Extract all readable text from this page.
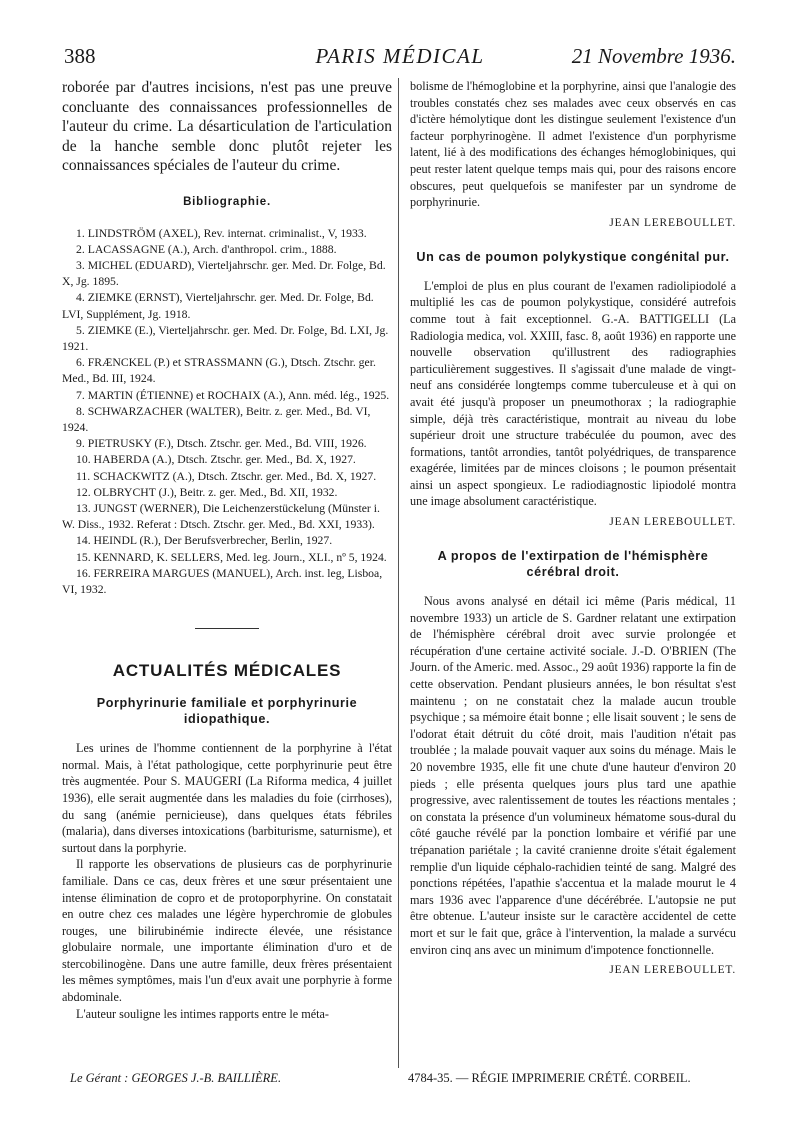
388	PARIS MÉDICAL	21 Novembre 1936.

roborée par d'autres incisions, n'est pas une preuve concluante des connaissances professionnelles de l'auteur du crime. La désarticulation de l'articulation de la hanche semble donc plutôt rejeter les connaissances spéciales de l'auteur du crime.

Bibliographie.

1. LINDSTRÖM (AXEL), Rev. internat. criminalist., V, 1933.

2. LACASSAGNE (A.), Arch. d'anthropol. crim., 1888.

3. MICHEL (EDUARD), Vierteljahrschr. ger. Med. Dr. Folge, Bd. X, Jg. 1895.

4. ZIEMKE (ERNST), Vierteljahrschr. ger. Med. Dr. Folge, Bd. LVI, Supplément, Jg. 1918.

5. ZIEMKE (E.), Vierteljahrschr. ger. Med. Dr. Folge, Bd. LXI, Jg. 1921.

6. FRÆNCKEL (P.) et STRASSMANN (G.), Dtsch. Ztschr. ger. Med., Bd. III, 1924.

7. MARTIN (ÉTIENNE) et ROCHAIX (A.), Ann. méd. lég., 1925.

8. SCHWARZACHER (WALTER), Beitr. z. ger. Med., Bd. VI, 1924.

9. PIETRUSKY (F.), Dtsch. Ztschr. ger. Med., Bd. VIII, 1926.

10. HABERDA (A.), Dtsch. Ztschr. ger. Med., Bd. X, 1927.

11. SCHACKWITZ (A.), Dtsch. Ztschr. ger. Med., Bd. X, 1927.

12. OLBRYCHT (J.), Beitr. z. ger. Med., Bd. XII, 1932.

13. JUNGST (WERNER), Die Leichenzerstückelung (Münster i. W. Diss., 1932. Referat : Dtsch. Ztschr. ger. Med., Bd. XXI, 1933).

14. HEINDL (R.), Der Berufsverbrecher, Berlin, 1927.

15. KENNARD, K. SELLERS, Med. leg. Journ., XLI., nº 5, 1924.

16. FERREIRA MARGUES (MANUEL), Arch. inst. leg, Lisboa, VI, 1932.

ACTUALITÉS MÉDICALES
Porphyrinurie familiale et porphyrinurie idiopathique.

Les urines de l'homme contiennent de la porphyrine à l'état normal. Mais, à l'état pathologique, cette porphyrinurie peut être très augmentée. Pour S. MAUGERI (La Riforma medica, 4 juillet 1936), elle serait augmentée dans les maladies du foie (cirrhoses), du sang (anémie pernicieuse), dans quelques états fébriles (malaria), dans diverses intoxications (barbiturisme, saturnisme), et surtout dans la porphyrie.

Il rapporte les observations de plusieurs cas de porphyrinurie familiale. Dans ce cas, deux frères et une sœur présentaient une intense élimination de copro et de protoporphyrine. On constatait en outre chez ces malades une légère hyperchromie de globules rouges, une bilirubinémie indirecte élevée, une résistance globulaire normale, une importante élimination d'uro et de stercobilinogène. Dans une autre famille, deux frères présentaient les mêmes symptômes, mais l'un d'eux avait une porphyrie à forme abdominale.

L'auteur souligne les intimes rapports entre le méta-

bolisme de l'hémoglobine et la porphyrine, ainsi que l'analogie des troubles constatés chez ses malades avec ceux observés en cas d'ictère hémolytique dont les distingue seulement l'existence d'un facteur porphyrinogène. Il admet l'existence d'un porphyrisme latent, lié à des modifications des échanges hémoglobiniques, qui peut rester latent quelque temps mais qui, pour des raisons encore obscures, peut quelquefois se manifester par un syndrome de porphyrinurie.

JEAN LEREBOULLET.
Un cas de poumon polykystique congénital pur.

L'emploi de plus en plus courant de l'examen radiolipiodolé a multiplié les cas de poumon polykystique, considéré autrefois comme tout à fait exceptionnel. G.-A. BATTIGELLI (La Radiologia medica, vol. XXIII, fasc. 8, août 1936) en rapporte une nouvelle observation qu'illustrent des radiographies particulièrement suggestives. Il s'agissait d'une malade de vingt-neuf ans considérée longtemps comme tuberculeuse et à qui on avait été jusqu'à proposer un pneumothorax ; la radiographie simple, déjà très caractéristique, montrait au niveau du lobe supérieur droit une structure trabéculée du poumon, avec des formations, tantôt arrondies, tantôt polyédriques, de transparence exagérée, limitées par de minces cloisons ; le poumon présentait ainsi un aspect spongieux. Le radiodiagnostic lipiodolé montra une image absolument caractéristique.

JEAN LEREBOULLET.
A propos de l'extirpation de l'hémisphère cérébral droit.

Nous avons analysé en détail ici même (Paris médical, 11 novembre 1933) un article de S. Gardner relatant une extirpation de l'hémisphère cérébral droit avec survie prolongée et récupération d'une certaine activité sociale. J.-D. O'BRIEN (The Journ. of the Americ. med. Assoc., 29 août 1936) rapporte la fin de cette observation. Pendant plusieurs années, le bon résultat s'est maintenu ; on ne constatait chez la malade aucun trouble psychique ; sa mémoire était bonne ; elle lisait souvent ; le sens de l'odorat était détruit du côté droit, mais l'audition n'était pas troublée ; la malade pouvait vaquer aux soins du ménage. Mais le 20 novembre 1935, elle fit une chute d'une hauteur d'environ 20 pieds ; elle présenta quelques jours plus tard une apathie progressive, avec ralentissement de toutes les réactions mentales ; on constata la présence d'un volumineux hématome sous-dural du côté gauche révélé par la ponction lombaire et vérifié par une trépanation pariétale ; la cavité cranienne droite s'était également remplie d'un liquide céphalo-rachidien teinté de sang. Malgré des ponctions répétées, l'apathie s'accentua et la malade mourut le 4 mars 1936 avec l'apparence d'une décérébrée. L'autopsie ne put être obtenue. L'auteur insiste sur le caractère accidentel de cette mort et sur le fait que, grâce à l'intervention, la malade a survécu environ cinq ans avec un minimum d'impotence fonctionnelle.

JEAN LEREBOULLET.
Le Gérant : GEORGES J.-B. BAILLIÈRE.	4784-35. — RÉGIE IMPRIMERIE CRÉTÉ. CORBEIL.
